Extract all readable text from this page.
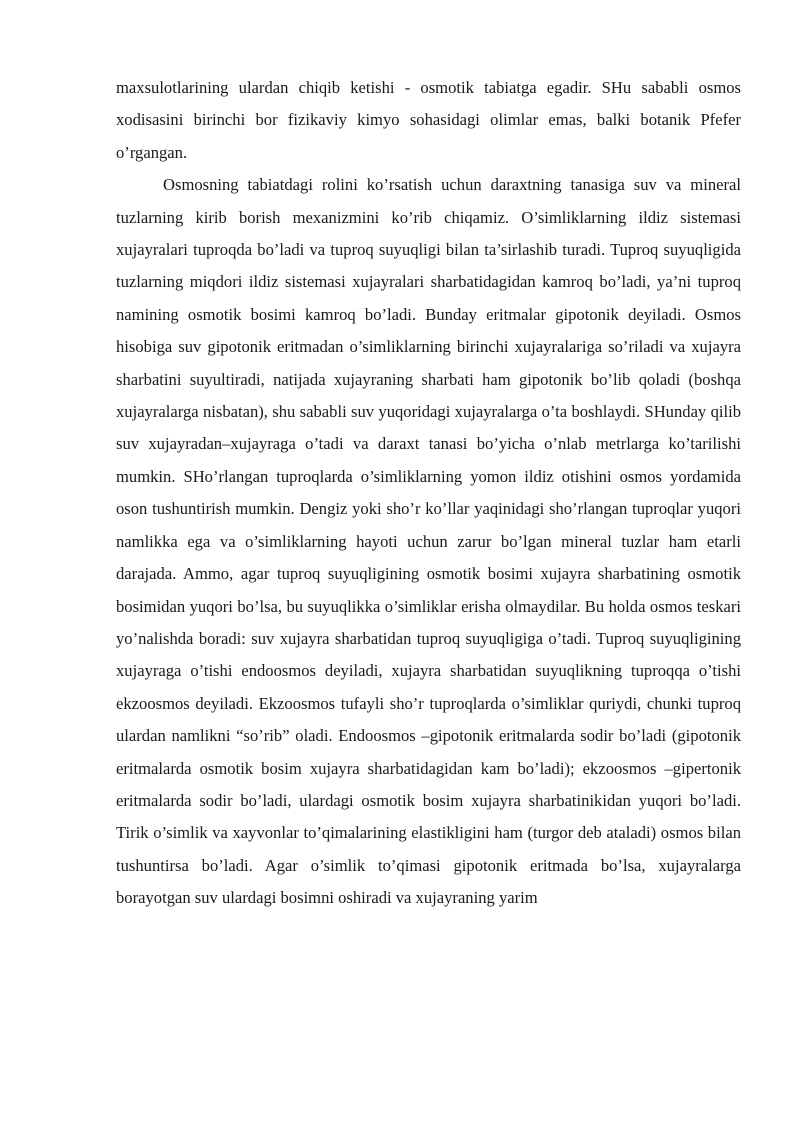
maxsulotlarining ulardan chiqib ketishi - osmotik tabiatga egadir. SHu sababli osmos xodisasini birinchi bor fizikaviy kimyo sohasidagi olimlar emas, balki botanik Pfefer o’rgangan.

Osmosning tabiatdagi rolini ko’rsatish uchun daraxtning tanasiga suv va mineral tuzlarning kirib borish mexanizmini ko’rib chiqamiz. O’simliklarning ildiz sistemasi xujayralari tuproqda bo’ladi va tuproq suyuqligi bilan ta’sirlashib turadi. Tuproq suyuqligida tuzlarning miqdori ildiz sistemasi xujayralari sharbatidagidan kamroq bo’ladi, ya’ni tuproq namining osmotik bosimi kamroq bo’ladi. Bunday eritmalar gipotonik deyiladi. Osmos hisobiga suv gipotonik eritmadan o’simliklarning birinchi xujayralariga so’riladi va xujayra sharbatini suyultiradi, natijada xujayraning sharbati ham gipotonik bo’lib qoladi (boshqa xujayralarga nisbatan), shu sababli suv yuqoridagi xujayralarga o’ta boshlaydi. SHunday qilib suv xujayradan–xujayraga o’tadi va daraxt tanasi bo’yicha o’nlab metrlarga ko’tarilishi mumkin. SHo’rlangan tuproqlarda o’simliklarning yomon ildiz otishini osmos yordamida oson tushuntirish mumkin. Dengiz yoki sho’r ko’llar yaqinidagi sho’rlangan tuproqlar yuqori namlikka ega va o’simliklarning hayoti uchun zarur bo’lgan mineral tuzlar ham etarli darajada. Ammo, agar tuproq suyuqligining osmotik bosimi xujayra sharbatining osmotik bosimidan yuqori bo’lsa, bu suyuqlikka o’simliklar erisha olmaydilar. Bu holda osmos teskari yo’nalishda boradi: suv xujayra sharbatidan tuproq suyuqligiga o’tadi. Tuproq suyuqligining xujayraga o’tishi endoosmos deyiladi, xujayra sharbatidan suyuqlikning tuproqqa o’tishi ekzoosmos deyiladi. Ekzoosmos tufayli sho’r tuproqlarda o’simliklar quriydi, chunki tuproq ulardan namlikni “so’rib” oladi. Endoosmos –gipotonik eritmalarda sodir bo’ladi (gipotonik eritmalarda osmotik bosim xujayra sharbatidagidan kam bo’ladi); ekzoosmos –gipertonik eritmalarda sodir bo’ladi, ulardagi osmotik bosim xujayra sharbatinikidan yuqori bo’ladi. Tirik o’simlik va xayvonlar to’qimalarining elastikligini ham (turgor deb ataladi) osmos bilan tushuntirsa bo’ladi. Agar o’simlik to’qimasi gipotonik eritmada bo’lsa, xujayralarga borayotgan suv ulardagi bosimni oshiradi va xujayraning yarim
